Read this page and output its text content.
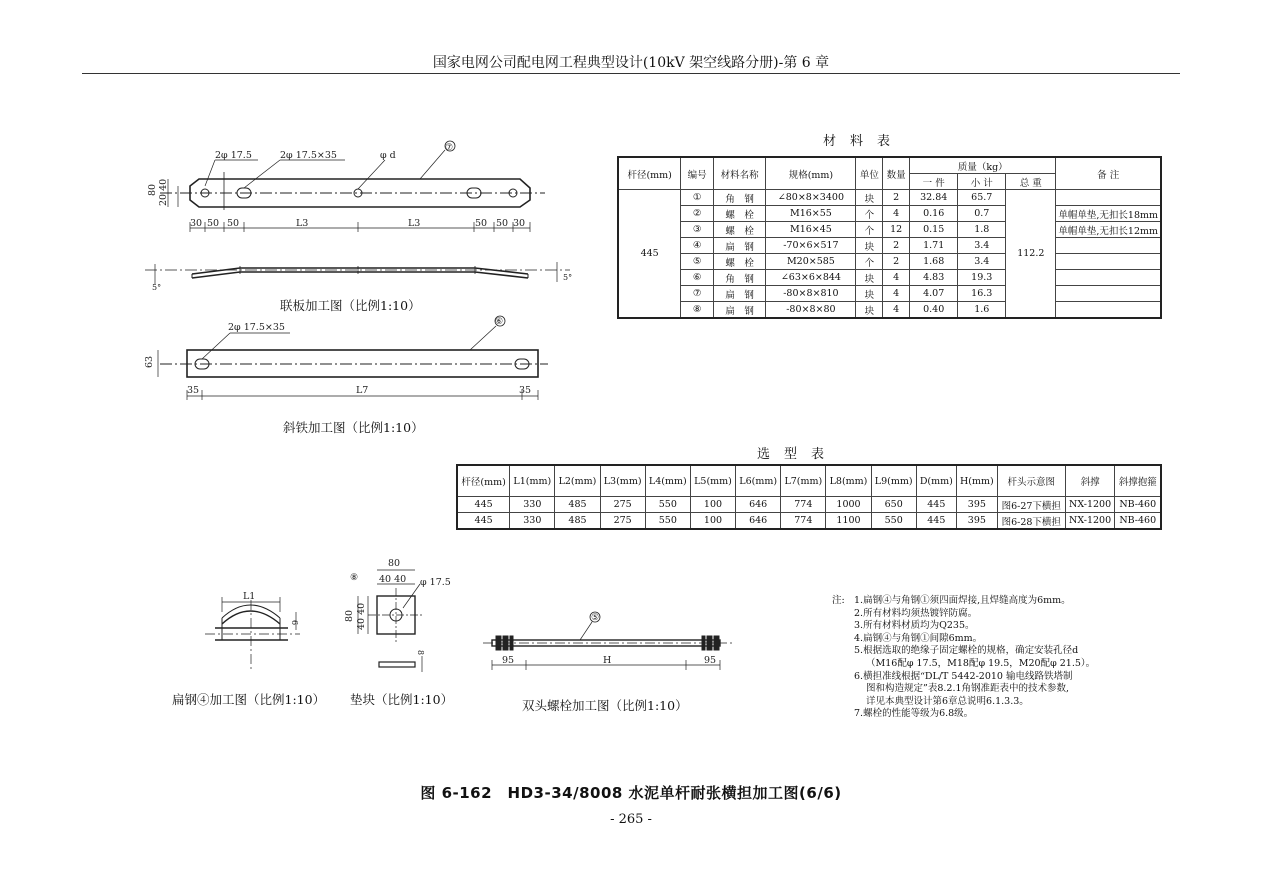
国家电网公司配电网工程典型设计(10kV 架空线路分册)-第 6 章
材料表
杆径(mm)	编号	材料名称	规格(mm)	单位	数量	质量（kg）			备 注
						一 件	小 计	总 重	
445	①	角　钢	∠80×8×3400	块	2	32.84	65.7	112.2	
	②	螺　栓	M16×55	个	4	0.16	0.7		单帽单垫,无扣长18mm
	③	螺　栓	M16×45	个	12	0.15	1.8		单帽单垫,无扣长12mm
	④	扁　钢	-70×6×517	块	2	1.71	3.4		
	⑤	螺　栓	M20×585	个	2	1.68	3.4		
	⑥	角　钢	∠63×6×844	块	4	4.83	19.3		
	⑦	扁　钢	-80×8×810	块	4	4.07	16.3		
	⑧	扁　钢	-80×8×80	块	4	0.40	1.6		
选型表
杆径(mm)	L1(mm)	L2(mm)	L3(mm)	L4(mm)	L5(mm)	L6(mm)	L7(mm)	L8(mm)	L9(mm)	D(mm)	H(mm)	杆头示意图	斜撑	斜撑抱箍
445	330	485	275	550	100	646	774	1000	650	445	395	图6-27下横担	NX-1200	NB-460
445	330	485	275	550	100	646	774	1100	550	445	395	图6-28下横担	NX-1200	NB-460
2φ 17.5	2φ 17.5×35	φ d
⑦
80 20 40
30 50 50	L3	L3	50 50 30
5°
5°
2φ 17.5×35	⑥
63
35	L7	35
L1
6
⑧
80
40 40 φ 17.5
80 40 40
8
⑤
95	H	95
联板加工图（比例1:10）
斜铁加工图（比例1:10）
扁钢④加工图（比例1:10） 垫块（比例1:10）	双头螺栓加工图（比例1:10）
注: 1.扁钢④与角钢①须四面焊接,且焊缝高度为6mm。
2.所有材料均须热镀锌防腐。
3.所有材料材质均为Q235。
4.扁钢④与角钢①间隙6mm。
5.根据选取的绝缘子固定螺栓的规格，确定安装孔径d
（M16配φ 17.5，M18配φ 19.5，M20配φ 21.5）。
6.横担准线根据“DL/T 5442-2010 输电线路铁塔制
图和构造规定”表8.2.1角钢准距表中的技术参数,
详见本典型设计第6章总说明6.1.3.3。
7.螺栓的性能等级为6.8级。
图 6-162　HD3-34/8008 水泥单杆耐张横担加工图(6/6)
- 265 -
